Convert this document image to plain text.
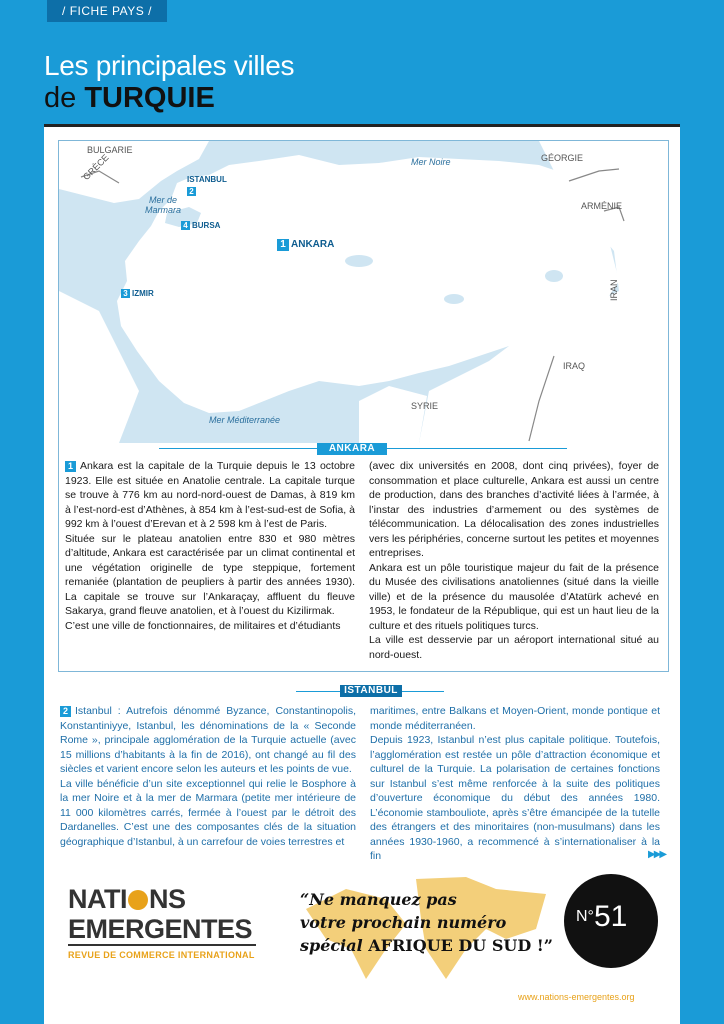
/ FICHE PAYS /
Les principales villes
de TURQUIE
BULGARIE
GRÈCE	GÉORGIE
ARMÉNIE
IRAN
IRAQ
SYRIE
Mer Noire
Mer de
Marmara
Mer Méditerranée
ISTANBUL
2
4 BURSA
1 ANKARA
3 IZMIR
ANKARA

1 Ankara est la capitale de la Turquie depuis le 13 octobre 1923. Elle est située en Anatolie centrale. La capitale turque se trouve à 776 km au nord-nord-ouest de Damas, à 819 km à l’est-nord-est d’Athènes, à 854 km à l’est-sud-est de Sofia, à 992 km à l’ouest d’Erevan et à 2 598 km à l’est de Paris.

Située sur le plateau anatolien entre 830 et 980 mètres d’altitude, Ankara est caractérisée par un climat continental et une végétation originelle de type steppique, fortement remaniée (plantation de peupliers à partir des années 1930). La capitale se trouve sur l’Ankaraçay, affluent du fleuve Sakarya, grand fleuve anatolien, et à l’ouest du Kizilirmak.

C’est une ville de fonctionnaires, de militaires et d’étudiants

(avec dix universités en 2008, dont cinq privées), foyer de consommation et place culturelle, Ankara est aussi un centre de production, dans des branches d’activité liées à l’armée, à l’instar des industries d’armement ou des systèmes de télécommunication. La délocalisation des zones industrielles vers les périphéries, concerne surtout les petites et moyennes entreprises.

Ankara est un pôle touristique majeur du fait de la présence du Musée des civilisations anatoliennes (situé dans la vieille ville) et de la présence du mausolée d’Atatürk achevé en 1953, le fondateur de la République, qui est un haut lieu de la culture et des rituels politiques turcs.

La ville est desservie par un aéroport international situé au nord-ouest.

ISTANBUL

2 Istanbul : Autrefois dénommé Byzance, Constantinopolis, Konstantiniyye, Istanbul, les dénominations de la « Seconde Rome », principale agglomération de la Turquie actuelle (avec 15 millions d’habitants à la fin de 2016), ont changé au fil des siècles et varient encore selon les auteurs et les points de vue.

La ville bénéficie d’un site exceptionnel qui relie le Bosphore à la mer Noire et à la mer de Marmara (petite mer intérieure de 11 000 kilomètres carrés, fermée à l’ouest par le détroit des Dardanelles. C’est une des composantes clés de la situation géographique d’Istanbul, à un carrefour de voies terrestres et

maritimes, entre Balkans et Moyen-Orient, monde pontique et monde méditerranéen.

Depuis 1923, Istanbul n’est plus capitale politique. Toutefois, l’agglomération est restée un pôle d’attraction économique et culturel de la Turquie. La polarisation de certaines fonctions sur Istanbul s’est même renforcée à la suite des politiques d’ouverture économique du début des années 1980. L’économie stambouliote, après s’être émancipée de la tutelle des étrangers et des minoritaires (non-musulmans) dans les années 1930-1960, a recommencé à s’internationaliser à la fin	▶▶▶
NATI NS
EMERGENTES
REVUE DE COMMERCE INTERNATIONAL
“Ne manquez pas
votre prochain numéro
spécial AFRIQUE DU SUD !”
$^{N^\circ}$51
www.nations-emergentes.org
